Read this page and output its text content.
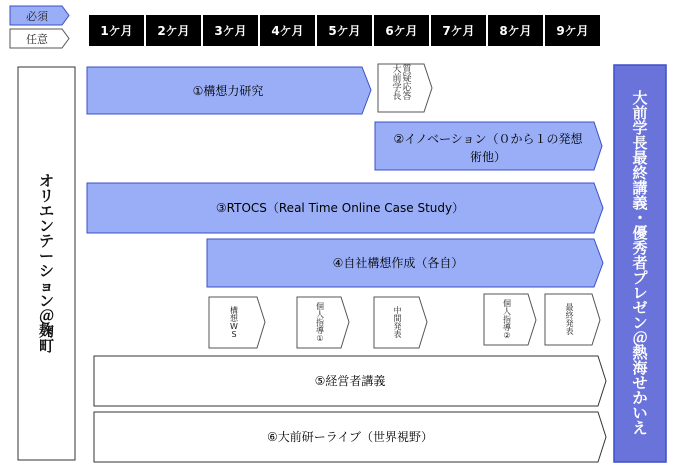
必須
任意
1ケ月	2ケ月	3ケ月	4ケ月	5ケ月	6ケ月	7ケ月	8ケ月	9ケ月
①構想力研究
②イノベーション（０から１の発想
術他）
③RTOCS（Real Time Online Case Study）
④自社構想作成（各自）
⑤経営者講義
⑥大前研ーライブ（世界視野）
オ
リ
エ
ン
テ
ー
シ
ョ
ン
＠
麹
町
大
前
学
長
最
終
講
義
・
優
秀
者
プ
レ
ゼ
ン
＠
熱
海
せ
か
い
え
質
疑
応
答
大
前
学
長
構
想
W
S
個
人
指
導
①
中
間
発
表
個
人
指
導
②
最
終
発
表
